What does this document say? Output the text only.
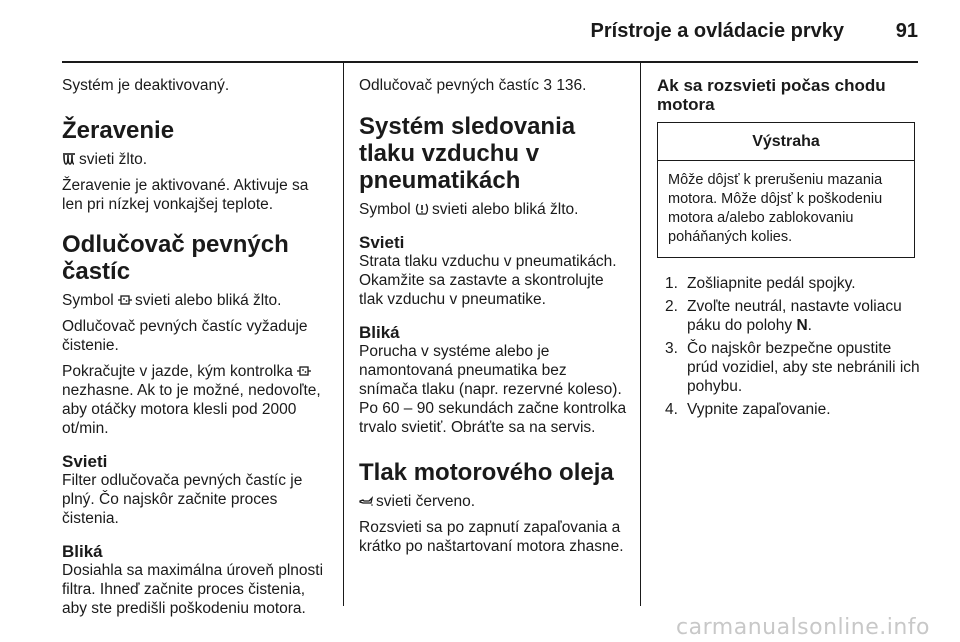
Prístroje a ovládacie prvky	91

Systém je deaktivovaný.

Žeravenie

svieti žlto.

Žeravenie je aktivované. Aktivuje sa len pri nízkej vonkajšej teplote.

Odlučovač pevných častíc

Symbol svieti alebo bliká žlto.

Odlučovač pevných častíc vyžaduje čistenie.

Pokračujte v jazde, kým kontrolka
nezhasne. Ak to je možné, nedovoľte, aby otáčky motora klesli pod 2000 ot/min.

Svieti

Filter odlučovača pevných častíc je plný. Čo najskôr začnite proces čistenia.

Bliká

Dosiahla sa maximálna úroveň plnosti filtra. Ihneď začnite proces čistenia, aby ste predišli poškodeniu motora.

Odlučovač pevných častíc 3 136.

Systém sledovania tlaku vzduchu v pneumatikách

Symbol svieti alebo bliká žlto.

Svieti

Strata tlaku vzduchu v pneumatikách. Okamžite sa zastavte a skontrolujte tlak vzduchu v pneumatike.

Bliká

Porucha v systéme alebo je namontovaná pneumatika bez snímača tlaku (napr. rezervné koleso). Po 60 – 90 sekundách začne kontrolka trvalo svietiť. Obráťte sa na servis.

Tlak motorového oleja

svieti červeno.

Rozsvieti sa po zapnutí zapaľovania a krátko po naštartovaní motora zhasne.

Ak sa rozsvieti počas chodu motora
Výstraha
Môže dôjsť k prerušeniu mazania motora. Môže dôjsť k poškodeniu motora a/alebo zablokovaniu poháňaných kolies.
1. Zošliapnite pedál spojky.
2. Zvoľte neutrál, nastavte voliacu páku do polohy N.
3. Čo najskôr bezpečne opustite prúd vozidiel, aby ste nebránili ich pohybu.
4. Vypnite zapaľovanie.
carmanualsonline.info
